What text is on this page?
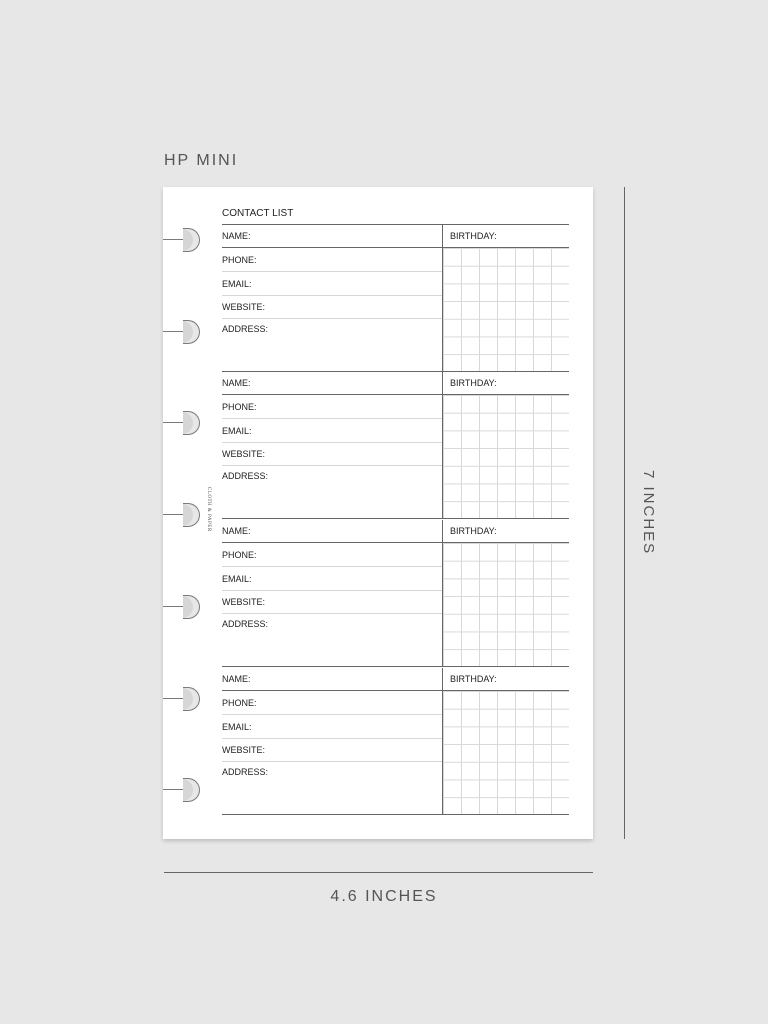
HP MINI
CLOTH & PAPER
CONTACT LIST
NAME:	BIRTHDAY:
PHONE:
EMAIL:
WEBSITE:
ADDRESS:
NAME:	BIRTHDAY:
PHONE:
EMAIL:
WEBSITE:
ADDRESS:
NAME:	BIRTHDAY:
PHONE:
EMAIL:
WEBSITE:
ADDRESS:
NAME:	BIRTHDAY:
PHONE:
EMAIL:
WEBSITE:
ADDRESS:
7 INCHES
4.6 INCHES
